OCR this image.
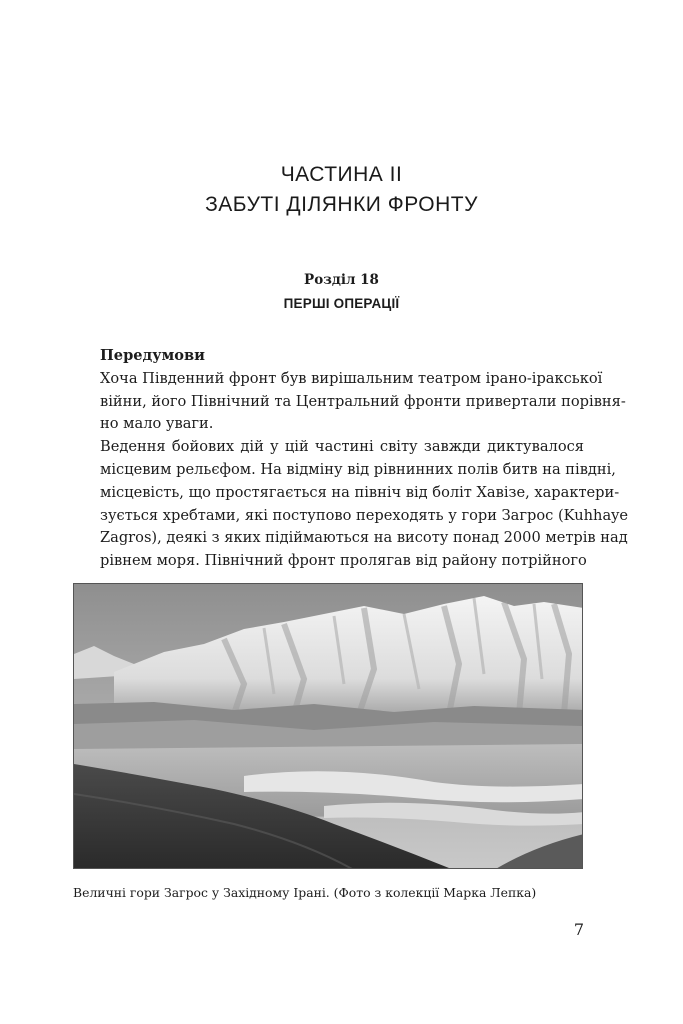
ЧАСТИНА II
ЗАБУТІ ДІЛЯНКИ ФРОНТУ
Розділ 18
ПЕРШІ ОПЕРАЦІЇ
Передумови
Хоча Південний фронт був вирішальним театром ірано-іракської
війни, його Північний та Центральний фронти привертали порівня-
но мало уваги.
Ведення бойових дій у цій частині світу завжди диктувалося
місцевим рельєфом. На відміну від рівнинних полів битв на півдні,
місцевість, що простягається на північ від боліт Хавізе, характери-
зується хребтами, які поступово переходять у гори Загрос (Kuhhaye
Zagros), деякі з яких підіймаються на висоту понад 2000 метрів над
рівнем моря. Північний фронт пролягав від району потрійного
Величні гори Загрос у Західному Ірані. (Фото з колекції Марка Лепка)
7
